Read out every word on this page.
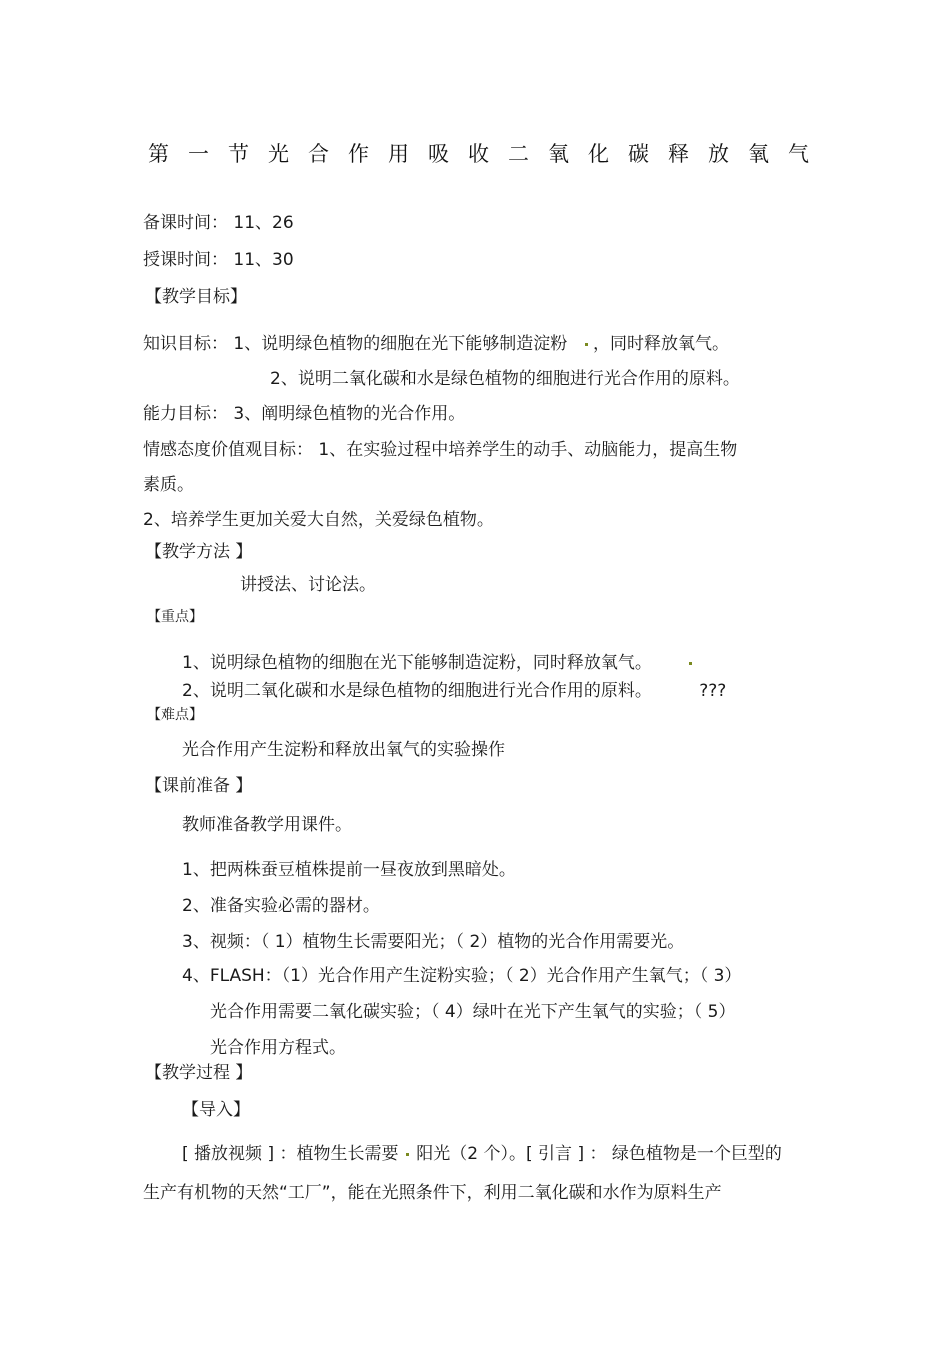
第一节光合作用吸收二氧化碳释放氧气
备课时间： 11、26
授课时间： 11、30
【教学目标】
知识目标： 1、说明绿色植物的细胞在光下能够制造淀粉 ，同时释放氧气。
2、说明二氧化碳和水是绿色植物的细胞进行光合作用的原料。
能力目标： 3、阐明绿色植物的光合作用。
情感态度价值观目标： 1、在实验过程中培养学生的动手、动脑能力，提高生物
素质。
2、培养学生更加关爱大自然，关爱绿色植物。
【教学方法 】
讲授法、讨论法。
【重点】
1、说明绿色植物的细胞在光下能够制造淀粉，同时释放氧气。
2、说明二氧化碳和水是绿色植物的细胞进行光合作用的原料。	???
【难点】
光合作用产生淀粉和释放出氧气的实验操作
【课前准备 】
教师准备教学用课件。
1、把两株蚕豆植株提前一昼夜放到黑暗处。
2、准备实验必需的器材。
3、视频：（ 1）植物生长需要阳光；（ 2）植物的光合作用需要光。
4、FLASH：（1）光合作用产生淀粉实验；（ 2）光合作用产生氧气；（ 3）
光合作用需要二氧化碳实验；（ 4）绿叶在光下产生氧气的实验；（ 5）
光合作用方程式。
【教学过程 】
【导入】
[ 播放视频 ] ：植物生长需要 阳光（2 个）。[ 引言 ] ： 绿色植物是一个巨型的
生产有机物的天然“工厂”，能在光照条件下，利用二氧化碳和水作为原料生产
